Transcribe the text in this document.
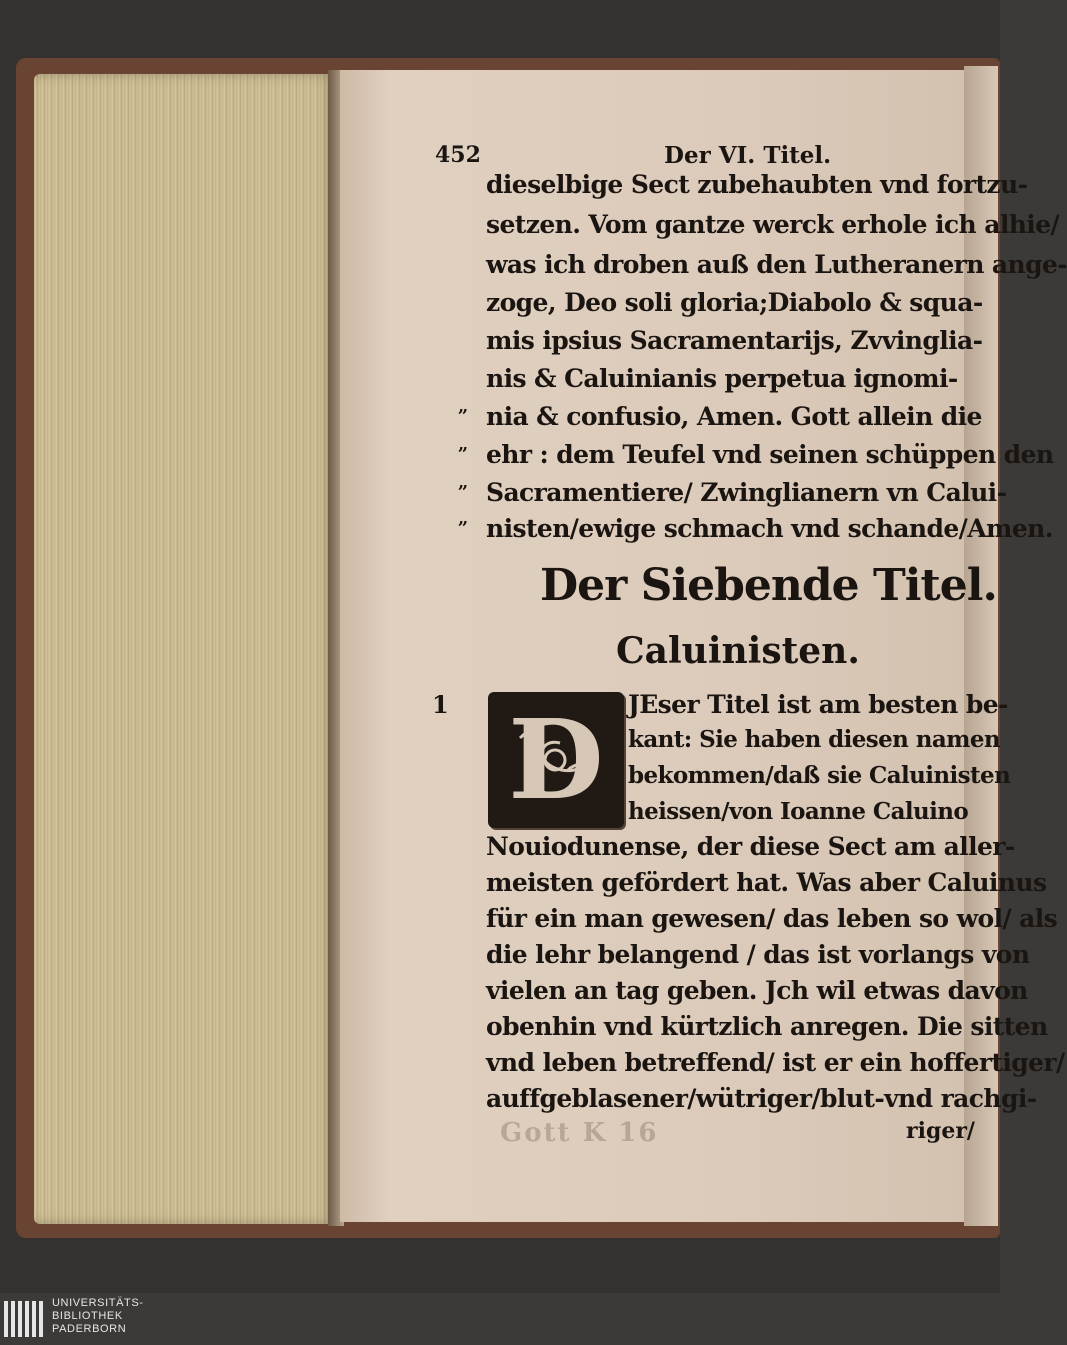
452	Der VI. Titel.
dieselbige Sect zubehaubten vnd fortzu-
setzen. Vom gantze werck erhole ich alhie/
was ich droben auß den Lutheranern ange-
zoge, Deo soli gloria;Diabolo & squa-
mis ipsius Sacramentarijs, Zvvinglia-
nis & Caluinianis perpetua ignomi-
nia & confusio, Amen. Gott allein die
ehr : dem Teufel vnd seinen schüppen den
Sacramentiere/ Zwinglianern vn Calui-
nisten/ewige schmach vnd schande/Amen.
„
„
„
„
Der Siebende Titel.
Caluinisten.
1 D JEser Titel ist am besten be-
kant: Sie haben diesen namen
bekommen/daß sie Caluinisten
heissen/von Ioanne Caluino
Nouiodunense, der diese Sect am aller-
meisten gefördert hat. Was aber Caluinus
für ein man gewesen/ das leben so wol/ als
die lehr belangend / das ist vorlangs von
vielen an tag geben. Jch wil etwas davon
obenhin vnd kürtzlich anregen. Die sitten
vnd leben betreffend/ ist er ein hoffertiger/
auffgeblasener/wütriger/blut-vnd rachgi-
riger/
Gott K 16
UNIVERSITÄTS-
BIBLIOTHEK
PADERBORN
